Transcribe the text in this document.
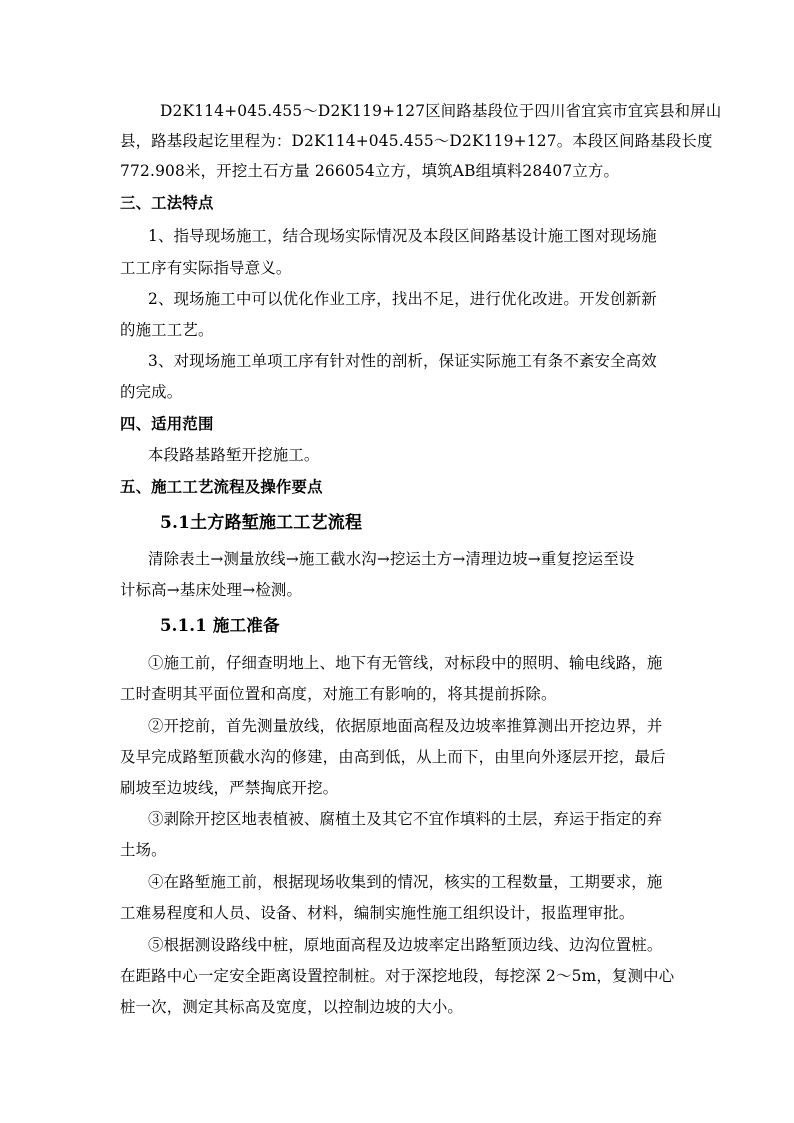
D2K114+045.455～D2K119+127区间路基段位于四川省宜宾市宜宾县和屏山
县，路基段起讫里程为：D2K114+045.455～D2K119+127。本段区间路基段长度
772.908米，开挖土石方量 266054立方，填筑AB组填料28407立方。
三、工法特点
1、指导现场施工，结合现场实际情况及本段区间路基设计施工图对现场施
工工序有实际指导意义。
2、现场施工中可以优化作业工序，找出不足，进行优化改进。开发创新新
的施工工艺。
3、对现场施工单项工序有针对性的剖析，保证实际施工有条不紊安全高效
的完成。
四、适用范围
本段路基路堑开挖施工。
五、施工工艺流程及操作要点
5.1土方路堑施工工艺流程
清除表土→测量放线→施工截水沟→挖运土方→清理边坡→重复挖运至设
计标高→基床处理→检测。
5.1.1 施工准备
①施工前，仔细查明地上、地下有无管线，对标段中的照明、输电线路，施
工时查明其平面位置和高度，对施工有影响的，将其提前拆除。
②开挖前，首先测量放线，依据原地面高程及边坡率推算测出开挖边界，并
及早完成路堑顶截水沟的修建，由高到低，从上而下，由里向外逐层开挖，最后
刷坡至边坡线，严禁掏底开挖。
③剥除开挖区地表植被、腐植土及其它不宜作填料的土层，弃运于指定的弃
土场。
④在路堑施工前，根据现场收集到的情况，核实的工程数量，工期要求，施
工难易程度和人员、设备、材料，编制实施性施工组织设计，报监理审批。
⑤根据测设路线中桩，原地面高程及边坡率定出路堑顶边线、边沟位置桩。
在距路中心一定安全距离设置控制桩。对于深挖地段，每挖深 2～5m，复测中心
桩一次，测定其标高及宽度，以控制边坡的大小。
